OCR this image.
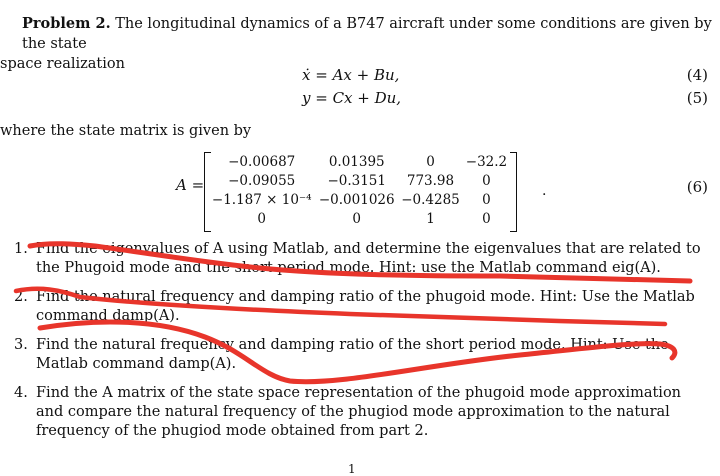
Problem 2. The longitudinal dynamics of a B747 aircraft under some conditions are given by the state
space realization
ẋ = Ax + Bu,	(4)
y = Cx + Du,	(5)
where the state matrix is given by
A =
−0.00687	0.01395	0	−32.2
−0.09055	−0.3151	773.98	0
−1.187 × 10⁻⁴	−0.001026	−0.4285	0
0	0	1	0
.	(6)
1. Find the eigenvalues of A using Matlab, and determine the eigenvalues that are related to the Phugoid mode and the short period mode. Hint: use the Matlab command eig(A).
2. Find the natural frequency and damping ratio of the phugoid mode. Hint: Use the Matlab command damp(A).
3. Find the natural frequency and damping ratio of the short period mode. Hint: Use the Matlab command damp(A).
4. Find the A matrix of the state space representation of the phugoid mode approximation and compare the natural frequency of the phugiod mode approximation to the natural frequency of the phugiod mode obtained from part 2.
1
